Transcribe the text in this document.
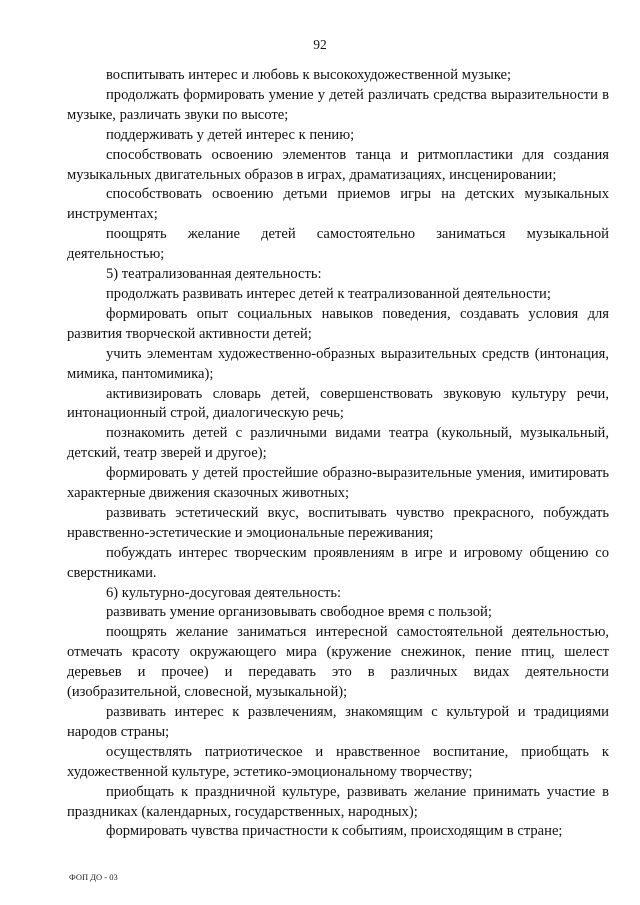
92

воспитывать интерес и любовь к высокохудожественной музыке;

продолжать формировать умение у детей различать средства выразительности в музыке, различать звуки по высоте;

поддерживать у детей интерес к пению;

способствовать освоению элементов танца и ритмопластики для создания музыкальных двигательных образов в играх, драматизациях, инсценировании;

способствовать освоению детьми приемов игры на детских музыкальных инструментах;

поощрять желание детей самостоятельно заниматься музыкальной деятельностью;

5) театрализованная деятельность:

продолжать развивать интерес детей к театрализованной деятельности;

формировать опыт социальных навыков поведения, создавать условия для развития творческой активности детей;

учить элементам художественно-образных выразительных средств (интонация, мимика, пантомимика);

активизировать словарь детей, совершенствовать звуковую культуру речи, интонационный строй, диалогическую речь;

познакомить детей с различными видами театра (кукольный, музыкальный, детский, театр зверей и другое);

формировать у детей простейшие образно-выразительные умения, имитировать характерные движения сказочных животных;

развивать эстетический вкус, воспитывать чувство прекрасного, побуждать нравственно-эстетические и эмоциональные переживания;

побуждать интерес творческим проявлениям в игре и игровому общению со сверстниками.

6) культурно-досуговая деятельность:

развивать умение организовывать свободное время с пользой;

поощрять желание заниматься интересной самостоятельной деятельностью, отмечать красоту окружающего мира (кружение снежинок, пение птиц, шелест деревьев и прочее) и передавать это в различных видах деятельности (изобразительной, словесной, музыкальной);

развивать интерес к развлечениям, знакомящим с культурой и традициями народов страны;

осуществлять патриотическое и нравственное воспитание, приобщать к художественной культуре, эстетико-эмоциональному творчеству;

приобщать к праздничной культуре, развивать желание принимать участие в праздниках (календарных, государственных, народных);

формировать чувства причастности к событиям, происходящим в стране;

ФОП ДО - 03
